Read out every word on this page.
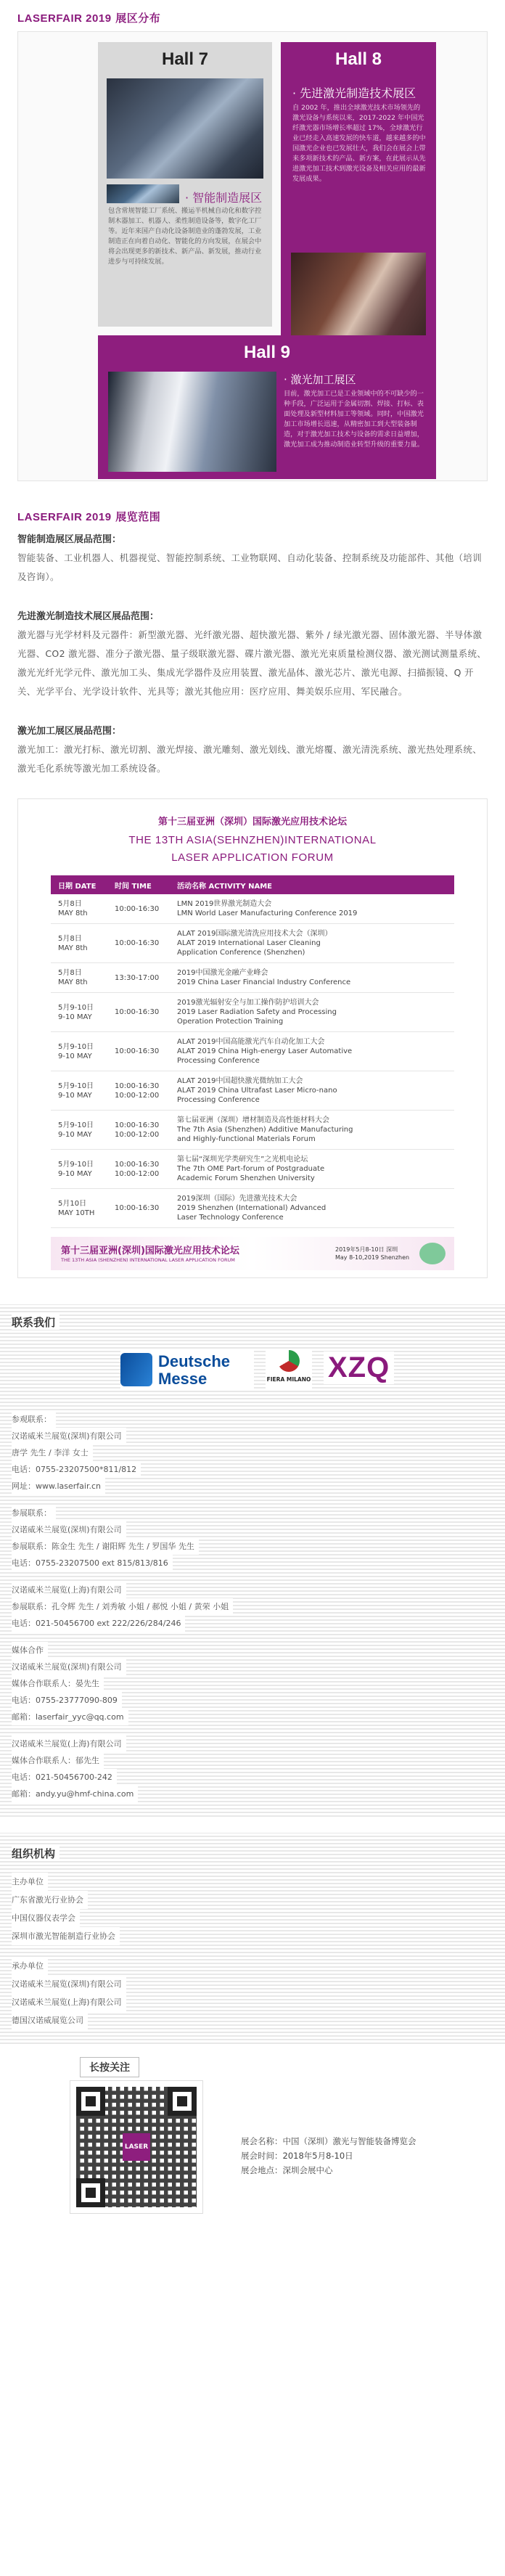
LASERFAIR 2019 展区分布
Hall 7
· 智能制造展区
包含常规智能工厂系统、搬运半机械自动化和数字控制木器加工、机器人、柔性制造设备等，数字化工厂等。近年来国产自动化设备制造业的蓬勃发展，工业制造正在向着自动化、智能化的方向发展，在展会中将会出现更多的新技术、新产品、新发展，推动行业进步与可持续发展。
Hall 8
· 先进激光制造技术展区
自 2002 年，推出全球激光技术市场领先的激光设备与系统以来，2017-2022 年中国光纤激光器市场增长率超过 17%，全球激光行业已经走入高速发展的快车道，越来越多的中国激光企业也已发展壮大，我们会在展会上带来多项新技术的产品、新方案，在此展示从先进激光加工技术到激光设备及相关应用的最新发展成果。
Hall 9
· 激光加工展区
目前，激光加工已是工业领域中的不可缺少的一种手段，广泛运用于金属切割、焊接、打标、表面处理及新型材料加工等领域。同时，中国激光加工市场增长迅速，从精密加工到大型装备制造，对于激光加工技术与设备的需求日益增加，激光加工成为推动制造业转型升级的重要力量。
LASERFAIR 2019 展览范围
智能制造展区展品范围：
智能装备、工业机器人、机器视觉、智能控制系统、工业物联网、自动化装备、控制系统及功能部件、其他（培训及咨询）。
先进激光制造技术展区展品范围：
激光器与光学材料及元器件：新型激光器、光纤激光器、超快激光器、紫外 / 绿光激光器、固体激光器、半导体激光器、CO2 激光器、准分子激光器、量子级联激光器、碟片激光器、激光光束质量检测仪器、激光测试测量系统、激光光纤光学元件、激光加工头、集成光学器件及应用装置、激光晶体、激光芯片、激光电源、扫描振镜、Q 开关、光学平台、光学设计软件、光具等；激光其他应用：医疗应用、舞美娱乐应用、军民融合。
激光加工展区展品范围：
激光加工：激光打标、激光切割、激光焊接、激光雕刻、激光划线、激光熔覆、激光清洗系统、激光热处理系统、激光毛化系统等激光加工系统设备。
第十三届亚洲（深圳）国际激光应用技术论坛
THE 13TH ASIA(SEHNZHEN)INTERNATIONAL
LASER APPLICATION FORUM
日期 DATE	时间 TIME	活动名称 ACTIVITY NAME
5月8日
MAY 8th	10:00-16:30	LMN 2019世界激光制造大会
LMN World Laser Manufacturing Conference 2019
5月8日
MAY 8th	10:00-16:30	ALAT 2019国际激光清洗应用技术大会（深圳）
ALAT 2019 International Laser Cleaning
Application Conference (Shenzhen)
5月8日
MAY 8th	13:30-17:00	2019中国激光金融产业峰会
2019 China Laser Financial Industry Conference
5月9-10日
9-10 MAY	10:00-16:30	2019激光辐射安全与加工操作防护培训大会
2019 Laser Radiation Safety and Processing
Operation Protection Training
5月9-10日
9-10 MAY	10:00-16:30	ALAT 2019中国高能激光汽车自动化加工大会
ALAT 2019 China High-energy Laser Automative
Processing Conference
5月9-10日
9-10 MAY	10:00-16:30
10:00-12:00	ALAT 2019中国超快激光微纳加工大会
ALAT 2019 China Ultrafast Laser Micro-nano
Processing Conference
5月9-10日
9-10 MAY	10:00-16:30
10:00-12:00	第七届亚洲（深圳）增材制造及高性能材料大会
The 7th Asia (Shenzhen) Additive Manufacturing
and Highly-functional Materials Forum
5月9-10日
9-10 MAY	10:00-16:30
10:00-12:00	第七届“深圳光学类研究生”之光机电论坛
The 7th OME Part-forum of Postgraduate
Academic Forum Shenzhen University
5月10日
MAY 10TH	10:00-16:30	2019深圳（国际）先进激光技术大会
2019 Shenzhen (International) Advanced
Laser Technology Conference
第十三届亚洲(深圳)国际激光应用技术论坛
THE 13TH ASIA (SHENZHEN) INTERNATIONAL LASER APPLICATION FORUM
2019年5月8-10日 深圳
May 8-10,2019 Shenzhen
联系我们
Deutsche
Messe	FIERA MILANO XZQ
参观联系：
汉诺威米兰展览(深圳)有限公司
唐学 先生 / 李洋 女士
电话：0755-23207500*811/812
网址：www.laserfair.cn
参展联系：
汉诺威米兰展览(深圳)有限公司
参展联系：陈金生 先生 / 谢阳辉 先生 / 罗国华 先生
电话：0755-23207500 ext 815/813/816
汉诺威米兰展览(上海)有限公司
参展联系：孔令辉 先生 / 刘秀敏 小姐 / 郝悦 小姐 / 黄荣 小姐
电话：021-50456700 ext 222/226/284/246
媒体合作
汉诺威米兰展览(深圳)有限公司
媒体合作联系人：晏先生
电话：0755-23777090-809
邮箱：laserfair_yyc@qq.com
汉诺威米兰展览(上海)有限公司
媒体合作联系人：郁先生
电话：021-50456700-242
邮箱：andy.yu@hmf-china.com
组织机构
主办单位
广东省激光行业协会
中国仪器仪表学会
深圳市激光智能制造行业协会
承办单位
汉诺威米兰展览(深圳)有限公司
汉诺威米兰展览(上海)有限公司
德国汉诺威展览公司
长按关注
LASER
展会名称：中国（深圳）激光与智能装备博览会
展会时间：2018年5月8-10日
展会地点：深圳会展中心
